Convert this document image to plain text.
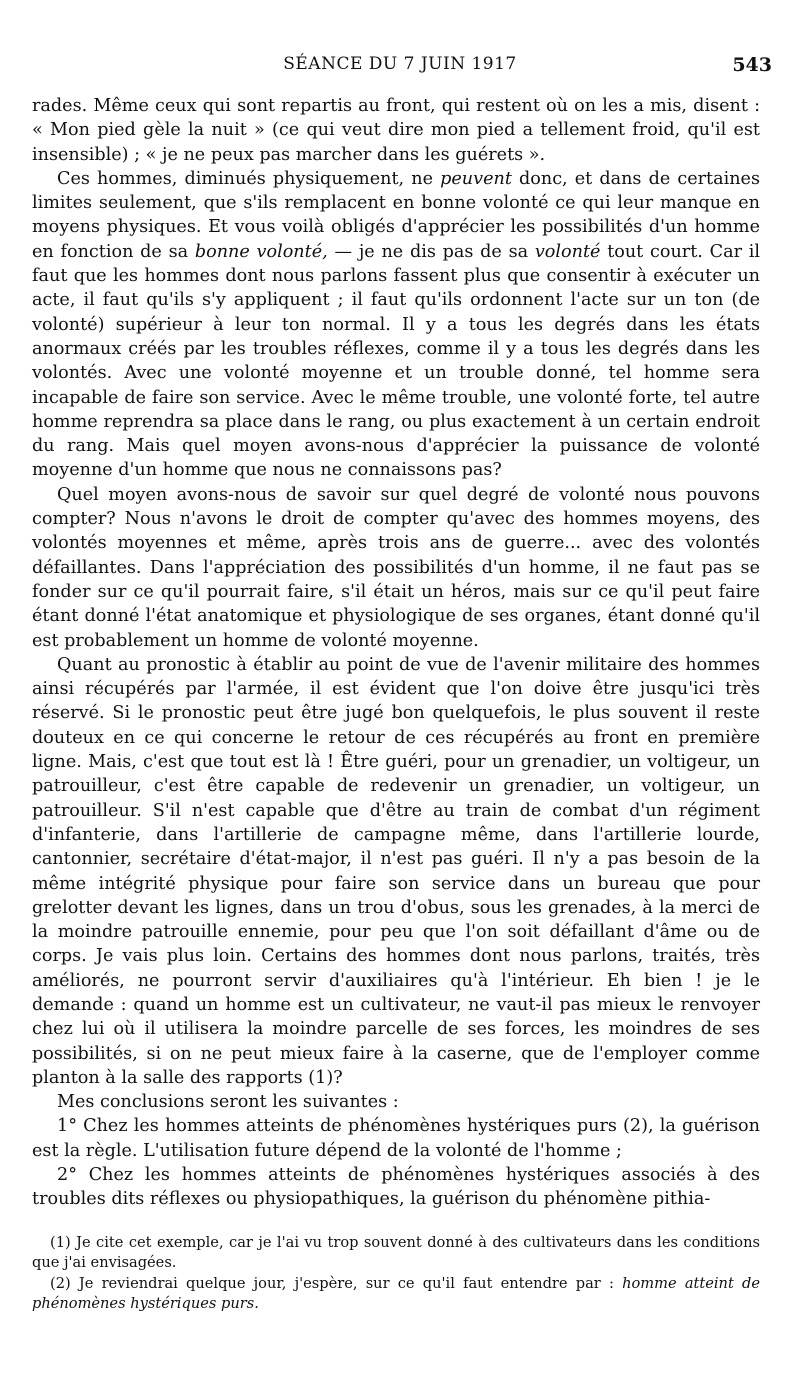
SÉANCE DU 7 JUIN 1917	543

rades. Même ceux qui sont repartis au front, qui restent où on les a mis, disent : « Mon pied gèle la nuit » (ce qui veut dire mon pied a tellement froid, qu'il est insensible) ; « je ne peux pas marcher dans les guérets ».

Ces hommes, diminués physiquement, ne peuvent donc, et dans de certaines limites seulement, que s'ils remplacent en bonne volonté ce qui leur manque en moyens physiques. Et vous voilà obligés d'apprécier les possibilités d'un homme en fonction de sa bonne volonté, — je ne dis pas de sa volonté tout court. Car il faut que les hommes dont nous parlons fassent plus que consentir à exécuter un acte, il faut qu'ils s'y appliquent ; il faut qu'ils ordonnent l'acte sur un ton (de volonté) supérieur à leur ton normal. Il y a tous les degrés dans les états anormaux créés par les troubles réflexes, comme il y a tous les degrés dans les volontés. Avec une volonté moyenne et un trouble donné, tel homme sera incapable de faire son service. Avec le même trouble, une volonté forte, tel autre homme reprendra sa place dans le rang, ou plus exactement à un certain endroit du rang. Mais quel moyen avons-nous d'apprécier la puissance de volonté moyenne d'un homme que nous ne connaissons pas?

Quel moyen avons-nous de savoir sur quel degré de volonté nous pouvons compter? Nous n'avons le droit de compter qu'avec des hommes moyens, des volontés moyennes et même, après trois ans de guerre... avec des volontés défaillantes. Dans l'appréciation des possibilités d'un homme, il ne faut pas se fonder sur ce qu'il pourrait faire, s'il était un héros, mais sur ce qu'il peut faire étant donné l'état anatomique et physiologique de ses organes, étant donné qu'il est probablement un homme de volonté moyenne.

Quant au pronostic à établir au point de vue de l'avenir militaire des hommes ainsi récupérés par l'armée, il est évident que l'on doive être jusqu'ici très réservé. Si le pronostic peut être jugé bon quelquefois, le plus souvent il reste douteux en ce qui concerne le retour de ces récupérés au front en première ligne. Mais, c'est que tout est là ! Être guéri, pour un grenadier, un voltigeur, un patrouilleur, c'est être capable de redevenir un grenadier, un voltigeur, un patrouilleur. S'il n'est capable que d'être au train de combat d'un régiment d'infanterie, dans l'artillerie de campagne même, dans l'artillerie lourde, cantonnier, secrétaire d'état-major, il n'est pas guéri. Il n'y a pas besoin de la même intégrité physique pour faire son service dans un bureau que pour grelotter devant les lignes, dans un trou d'obus, sous les grenades, à la merci de la moindre patrouille ennemie, pour peu que l'on soit défaillant d'âme ou de corps. Je vais plus loin. Certains des hommes dont nous parlons, traités, très améliorés, ne pourront servir d'auxiliaires qu'à l'intérieur. Eh bien ! je le demande : quand un homme est un cultivateur, ne vaut-il pas mieux le renvoyer chez lui où il utilisera la moindre parcelle de ses forces, les moindres de ses possibilités, si on ne peut mieux faire à la caserne, que de l'employer comme planton à la salle des rapports (1)?

Mes conclusions seront les suivantes :

1° Chez les hommes atteints de phénomènes hystériques purs (2), la guérison est la règle. L'utilisation future dépend de la volonté de l'homme ;

2° Chez les hommes atteints de phénomènes hystériques associés à des troubles dits réflexes ou physiopathiques, la guérison du phénomène pithia-

(1) Je cite cet exemple, car je l'ai vu trop souvent donné à des cultivateurs dans les conditions que j'ai envisagées.

(2) Je reviendrai quelque jour, j'espère, sur ce qu'il faut entendre par : homme atteint de phénomènes hystériques purs.
